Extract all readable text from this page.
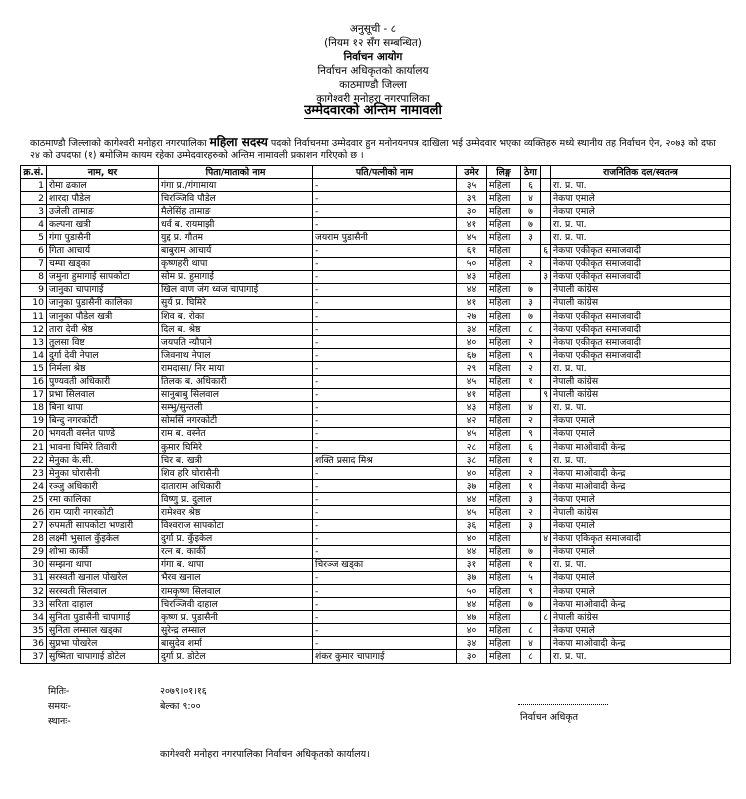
अनुसूची - ८
(नियम १२ सँग सम्बन्धित)
निर्वाचन आयोग
निर्वाचन अधिकृतको कार्यालय
काठमाण्डौ जिल्ला
कागेश्वरी मनोहरा नगरपालिका
उम्मेदवारको अन्तिम नामावली
काठमाण्डौ जिल्लाको कागेश्वरी मनोहरा नगरपालिका महिला सदस्य पदको निर्वाचनमा उम्मेदवार हुन मनोनयनपत्र दाखिला भई उम्मेदवार भएका व्यक्तिहरु मध्ये स्थानीय तह निर्वाचन ऐन, २०७३ को दफा २४ को उपदफा (१) बमोजिम कायम रहेका उम्मेदवारहरुको अन्तिम नामावली प्रकाशन गरिएको छ ।
क्र.सं.	नाम, थर	पिता/माताको नाम	पति/पत्नीको नाम	उमेर	लिङ्ग	ठेगा		राजनितिक दल/स्वतन्त्र
1	रोमा ढकाल	गंगा प्र./गंगामाया	-	३५	महिला	६		रा. प्र. पा.
2	शारदा पौडेल	चिरञ्जिवि पौडेल	-	३९	महिला	४		नेकपा एमाले
3	उजेली तामाङ	मैलेसिंह तामाङ	-	३०	महिला	७		नेकपा एमाले
4	कल्पना खत्री	धर्व ब. रायमाझी	-	४१	महिला	७		रा. प्र. पा.
5	गंगा पुडासैनी	युद्द प्र. गौतम	जयराम पुडासैनी	४५	महिला	३		रा. प्र. पा.
6	गिता आचार्य	बाबुराम आचार्य	-	६१	महिला		६	नेकपा एकीकृत समाजवादी
7	चम्पा खड्का	कृष्णहरी थापा	-	५०	महिला	२		नेकपा एकीकृत समाजवादी
8	जमुना हुमागाई सापकोटा	सोम प्र. हुमागाई	-	४३	महिला		३	नेकपा एकीकृत समाजवादी
9	जानुका चापागाई	खिल वाण जंग ध्वज चापागाई	-	४४	महिला	७		नेपाली कांग्रेस
10	जानुका पुडासैनी कालिका	सुर्य प्र. घिमिरे	-	४१	महिला	३		नेपाली कांग्रेस
11	जानुका पौडेल खत्री	शिव ब. रोका	-	२७	महिला	७		नेकपा एकीकृत समाजवादी
12	तारा देवी श्रेष्ठ	दिल ब. श्रेष्ठ	-	३४	महिला	८		नेकपा एकीकृत समाजवादी
13	तुलसा विष्ट	जयपति न्यौपाने	-	४०	महिला	२		नेकपा एकीकृत समाजवादी
14	दुर्गा देवी नेपाल	जिवनाथ नेपाल	-	६७	महिला	९		नेकपा एकीकृत समाजवादी
15	निर्मला श्रेष्ठ	रामदासा/ निर माया	-	२९	महिला	२		रा. प्र. पा.
16	पुण्यवती अधिकारी	तिलक ब. अधिकारी	-	४५	महिला	१		नेपाली कांग्रेस
17	प्रभा सिलवाल	सानुबाबु सिलवाल	-	४१	महिला		९	नेपाली कांग्रेस
18	बिना थापा	सम्भु/सुन्तली	-	४३	महिला	४		रा. प्र. पा.
19	बिन्दु नगरकोटी	सोमसिं नगरकोटी	-	४२	महिला	२		नेकपा एमाले
20	भगवती वस्नेत पाण्डे	राम ब. वस्नेत	-	४५	महिला	९		नेकपा एमाले
21	भावना घिमिरे तिवारी	कुमार घिमिरे	-	२८	महिला	६		नेकपा माओवादी केन्द्र
22	मेनुका के.सी.	चिर ब. खत्री	शक्ति प्रसाद मिश्र	३८	महिला	१		रा. प्र. पा.
23	मेनुका घोरासैनी	शिव हरि घोरासैनी	-	४०	महिला	२		नेकपा माओवादी केन्द्र
24	रञ्जु अधिकारी	दाताराम अधिकारी	-	३७	महिला	१		नेकपा माओवादी केन्द्र
25	रमा कालिका	विष्णु प्र. दुलाल	-	४४	महिला	३		नेकपा एमाले
26	राम प्यारी नगरकोटी	रामेश्वर श्रेष्ठ	-	४५	महिला	२		नेपाली कांग्रेस
27	रुपमती सापकोटा भण्डारी	विश्वराज सापकोटा	-	३६	महिला	३		नेकपा एमाले
28	लक्ष्मी भुसाल कुँइकेल	दुर्गा प्र. कुँइकेल	-	४०	महिला		४	नेकपा एकिकृत समाजवादी
29	शोभा कार्की	रत्न ब. कार्की	-	४४	महिला	७		नेकपा एमाले
30	सम्झना थापा	गंगा ब. थापा	चिरञ्ज खड्का	३१	महिला	१		रा. प्र. पा.
31	सरस्वती खनाल पोखरेल	भैरव खनाल	-	३७	महिला	५		नेकपा एमाले
32	सरस्वती सिलवाल	रामकृष्ण सिलवाल	-	५०	महिला	९		नेकपा एमाले
33	सरिता दाहाल	चिरञ्जिवी दाहाल	-	४४	महिला	७		नेकपा माओवादी केन्द्र
34	सुनिता पुडासैनी चापागाई	कृष्ण प्र. पुडासैनी	-	४७	महिला		८	नेपाली कांग्रेस
35	सुनिता लम्साल खड्का	सुरेन्द्र लम्साल	-	४०	महिला	८		नेकपा एमाले
36	सुप्रभा पोखरेल	बासुदेव शर्मा	-	३४	महिला	४		नेकपा माओवादी केन्द्र
37	सुष्मिता चापागाई डोटेल	दुर्गा प्र. डोटेल	शंकर कुमार चापागाई	३०	महिला	८		रा. प्र. पा.
मितिः-	२०७९।०१।१६
समयः-	बेल्का ९:००
स्थानः-	निर्वाचन अधिकृत
कागेश्वरी मनोहरा नगरपालिका निर्वाचन अधिकृतको कार्यालय।
